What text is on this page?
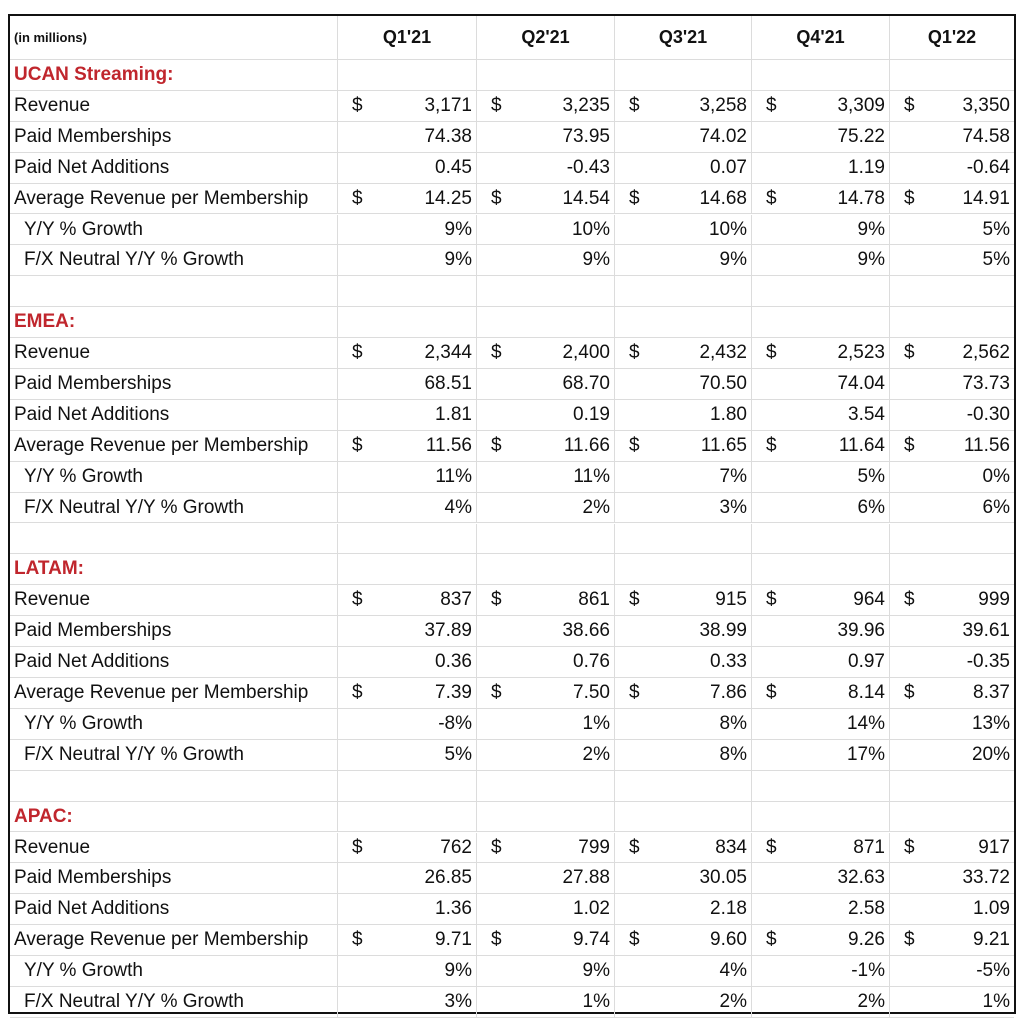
(in millions)	Q1'21	Q2'21	Q3'21	Q4'21	Q1'22
UCAN Streaming:
Revenue	$	3,171 $	3,235 $	3,258 $	3,309 $	3,350
Paid Memberships	74.38	73.95	74.02	75.22	74.58
Paid Net Additions	0.45	-0.43	0.07	1.19	-0.64
Average Revenue per Membership	$	14.25 $	14.54 $	14.68 $	14.78 $	14.91
Y/Y % Growth	9%	10%	10%	9%	5%
F/X Neutral Y/Y % Growth	9%	9%	9%	9%	5%
EMEA:
Revenue	$	2,344 $	2,400 $	2,432 $	2,523 $	2,562
Paid Memberships	68.51	68.70	70.50	74.04	73.73
Paid Net Additions	1.81	0.19	1.80	3.54	-0.30
Average Revenue per Membership	$	11.56 $	11.66 $	11.65 $	11.64 $	11.56
Y/Y % Growth	11%	11%	7%	5%	0%
F/X Neutral Y/Y % Growth	4%	2%	3%	6%	6%
LATAM:
Revenue	$	837 $	861 $	915 $	964 $	999
Paid Memberships	37.89	38.66	38.99	39.96	39.61
Paid Net Additions	0.36	0.76	0.33	0.97	-0.35
Average Revenue per Membership	$	7.39 $	7.50 $	7.86 $	8.14 $	8.37
Y/Y % Growth	-8%	1%	8%	14%	13%
F/X Neutral Y/Y % Growth	5%	2%	8%	17%	20%
APAC:
Revenue	$	762 $	799 $	834 $	871 $	917
Paid Memberships	26.85	27.88	30.05	32.63	33.72
Paid Net Additions	1.36	1.02	2.18	2.58	1.09
Average Revenue per Membership	$	9.71 $	9.74 $	9.60 $	9.26 $	9.21
Y/Y % Growth	9%	9%	4%	-1%	-5%
F/X Neutral Y/Y % Growth	3%	1%	2%	2%	1%
